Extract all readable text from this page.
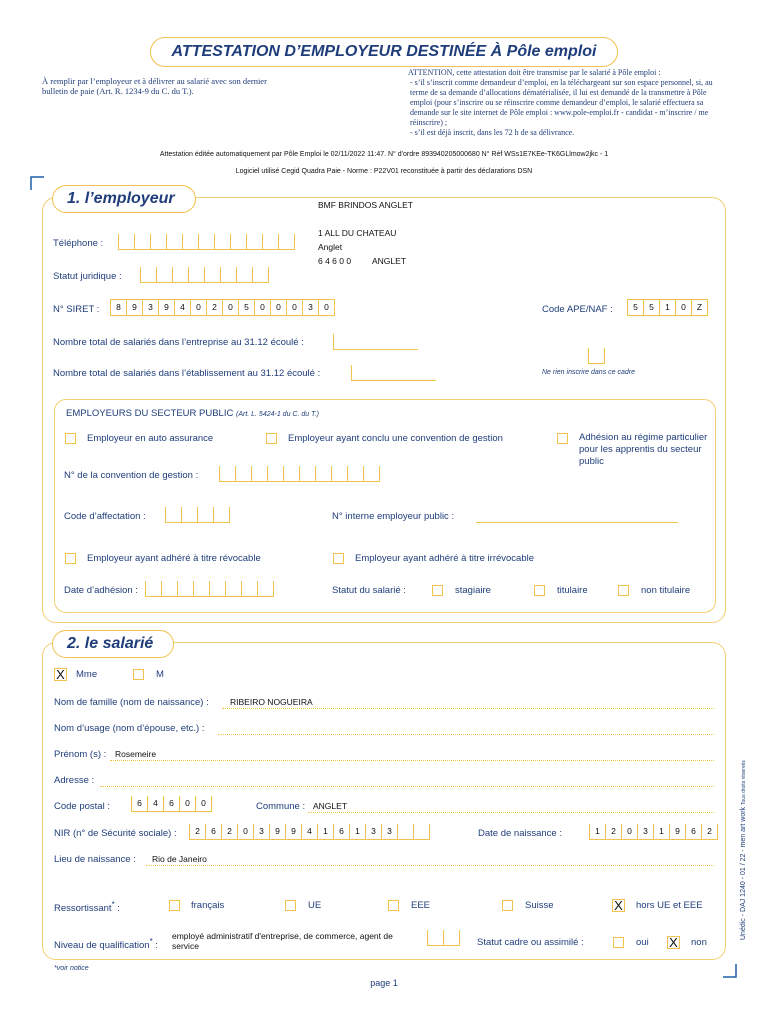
ATTESTATION D’EMPLOYEUR DESTINÉE À Pôle emploi
À remplir par l’employeur et à délivrer au salarié avec son dernier bulletin de paie (Art. R. 1234-9 du C. du T.).
ATTENTION, cette attestation doit être transmise par le salarié à Pôle emploi :
- s’il s’inscrit comme demandeur d’emploi, en la téléchargeant sur son espace personnel, si, au terme de sa demande d’allocations dématérialisée, il lui est demandé de la transmettre à Pôle emploi (pour s’inscrire ou se réinscrire comme demandeur d’emploi, le salarié effectuera sa demande sur le site internet de Pôle emploi : www.pole-emploi.fr - candidat - m’inscrire / me réinscrire) ;
- s’il est déjà inscrit, dans les 72 h de sa délivrance.
Attestation éditée automatiquement par Pôle Emploi le 02/11/2022 11:47. N° d'ordre 893940205000680 N° Réf WSs1E7KEe-TK6GLlmow2jkc - 1
Logiciel utilisé Cegid Quadra Paie - Norme : P22V01 reconstituée à partir des déclarations DSN
1. l’employeur	BMF BRINDOS ANGLET
1 ALL DU CHATEAU
Anglet
6 4 6 0 0 ANGLET
Téléphone :
Statut juridique :
N° SIRET :	8	9	3	9	4	0	2	0	5	0	0	0	3	0	Code APE/NAF :	5	5	1	0	Z
Nombre total de salariés dans l’entreprise au 31.12 écoulé :
Nombre total de salariés dans l’établissement au 31.12 écoulé :	Ne rien inscrire dans ce cadre
EMPLOYEURS DU SECTEUR PUBLIC (Art. L. 5424-1 du C. du T.)
Employeur en auto assurance	Employeur ayant conclu une convention de gestion	Adhésion au régime particulier pour les apprentis du secteur public
N° de la convention de gestion :
Code d’affectation :	N° interne employeur public :
Employeur ayant adhéré à titre révocable	Employeur ayant adhéré à titre irrévocable
Date d’adhésion :	Statut du salarié :	stagiaire	titulaire	non titulaire
2. le salarié
X Mme	M
Nom de famille (nom de naissance) :	RIBEIRO NOGUEIRA
Nom d’usage (nom d’épouse, etc.) :
Prénom (s) : Rosemeire
Adresse :
Code postal :	6	4	6	0	0	Commune : ANGLET
NIR (n° de Sécurité sociale) :	2	6	2	0	3	9	9	4	1	6	1	3	3	Date de naissance :	1	2	0	3	1	9	6	2
Lieu de naissance : Rio de Janeiro
Ressortissant* :	français	UE	EEE	Suisse	X hors UE et EEE
Niveau de qualification* :
employé administratif d'entreprise, de commerce, agent de service	Statut cadre ou assimilé :	oui X non
*voir notice
page 1
Unédic - DAJ 1240 - 01 / 22 - men art work Tous droits réservés
